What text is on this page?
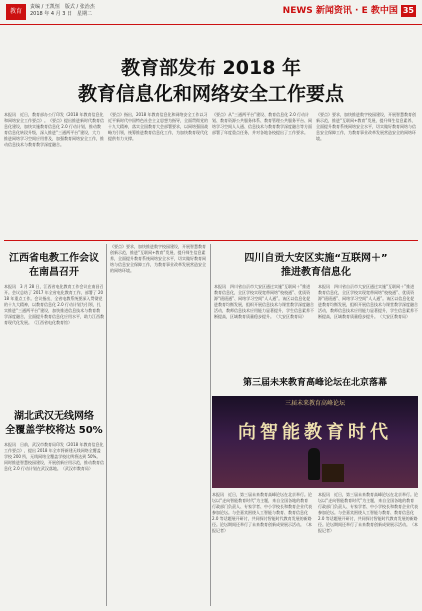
教育
责编 / 王凯恒　版式 / 张治杰
2018 年 4 月 3 日　星期二	NEWS 新闻资讯 · E 教中国 35
教育部发布 2018 年
教育信息化和网络安全工作要点
本报讯　近日，教育部办公厅印发《2018 年教育信息化和网络安全工作要点》。《要点》提出推进新时代教育信息化建设，加快实施教育信息化 2.0 行动计划，推动教育信息化转段升级，深入推进“三通两平台”建设，大力推进网络学习空间应用普及，加强教育网络安全工作，推动信息技术与教育教学深度融合。
《要点》指出，2018 年教育信息化和网络安全工作以习近平新时代中国特色社会主义思想为指导，全面贯彻党的十九大精神，落实全国教育大会部署要求，以网络强国战略为引领，统筹推进教育信息化工作，为加快教育现代化提供有力支撑。
《要点》从“三通两平台”建设、教育信息化 2.0 行动计划、教育资源公共服务体系、教育管理公共服务平台、网络学习空间人人通、信息技术与教育教学深度融合等方面部署了年度重点任务，并对各地各校提出了工作要求。
《要点》要求，加快推进数字校园建设，开展智慧教育创新示范，推进“互联网+教育”发展，提升师生信息素养，全面提升教育系统网络安全水平，切实做好教育网络与信息安全保障工作，为教育事业改革发展营造安全的网络环境。
江西省电教工作会议
在南昌召开
本报讯　3 月 28 日，江西省电化教育工作会议在南昌召开。会议总结了 2017 年全省电化教育工作，部署了 2018 年重点工作。会议指出，全省电教系统要深入贯彻党的十九大精神，以教育信息化 2.0 行动计划为引领，扎实推进“三通两平台”建设，加快推进信息技术与教育教学深度融合，全面提升教育信息化应用水平，助力江西教育现代化发展。（江西省电化教育馆）
《要点》要求，加快推进数字校园建设，开展智慧教育创新示范，推进“互联网+教育”发展，提升师生信息素养，全面提升教育系统网络安全水平，切实做好教育网络与信息安全保障工作，为教育事业改革发展营造安全的网络环境。
湖北武汉无线网络
全覆盖学校将达 50%
本报讯　日前，武汉市教育局印发《2018 年教育信息化工作要点》，提出 2018 年全市将新建无线网络全覆盖学校 200 所，无线网络全覆盖学校比例将达到 50%。同时推进智慧校园建设，开展创新应用示范，推动教育信息化 2.0 行动计划在武汉落地。（武汉市教育局）
四川自贡大安区实施“互联网＋”
推进教育信息化
本报讯　四川省自贡市大安区通过实施“互联网＋”推进教育信息化，全区学校实现宽带网络“校校通”、优质资源“班班通”、网络学习空间“人人通”。该区以信息化促进教育均衡发展，组织开展信息技术与课堂教学深度融合活动，教师信息技术应用能力显著提升，学生信息素养不断提高，区域教育质量稳步提升。（大安区教育局）
本报讯　四川省自贡市大安区通过实施“互联网＋”推进教育信息化，全区学校实现宽带网络“校校通”、优质资源“班班通”、网络学习空间“人人通”。该区以信息化促进教育均衡发展，组织开展信息技术与课堂教学深度融合活动，教师信息技术应用能力显著提升，学生信息素养不断提高，区域教育质量稳步提升。（大安区教育局）
第三届未来教育高峰论坛在北京落幕
三届未来教育高峰论坛
向智能教育时代
本报讯　近日，第三届未来教育高峰论坛在北京举行。论坛以“走向智能教育时代”为主题，来自全国各地的教育行政部门负责人、专家学者、中小学校长和教育企业代表参加论坛。与会嘉宾围绕人工智能与教育、教育信息化 2.0 等话题展开研讨，共同探讨智能时代教育发展的新路径。论坛期间还举行了未来教育创新成果展示活动。（本报记者）
本报讯　近日，第三届未来教育高峰论坛在北京举行。论坛以“走向智能教育时代”为主题，来自全国各地的教育行政部门负责人、专家学者、中小学校长和教育企业代表参加论坛。与会嘉宾围绕人工智能与教育、教育信息化 2.0 等话题展开研讨，共同探讨智能时代教育发展的新路径。论坛期间还举行了未来教育创新成果展示活动。（本报记者）
